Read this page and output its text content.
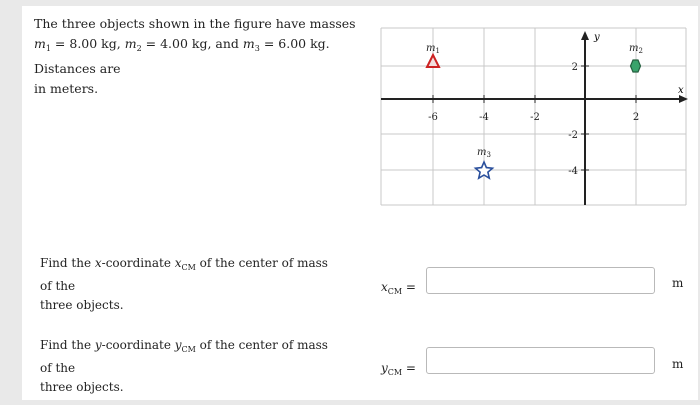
The three objects shown in the figure have masses
$m_1 = 8.00$ kg, $m_2 = 4.00$ kg, and $m_3 = 6.00$ kg. Distances are
in meters.	x
y
-6	-4	-2	2
2
-2
-4
$m_1$	$m_2$
$m_3$
Find the x-coordinate $x_{CM}$ of the center of mass of the
three objects.
$x_{CM}$ =	m
Find the y-coordinate $y_{CM}$ of the center of mass of the
three objects.
$y_{CM}$ =	m
